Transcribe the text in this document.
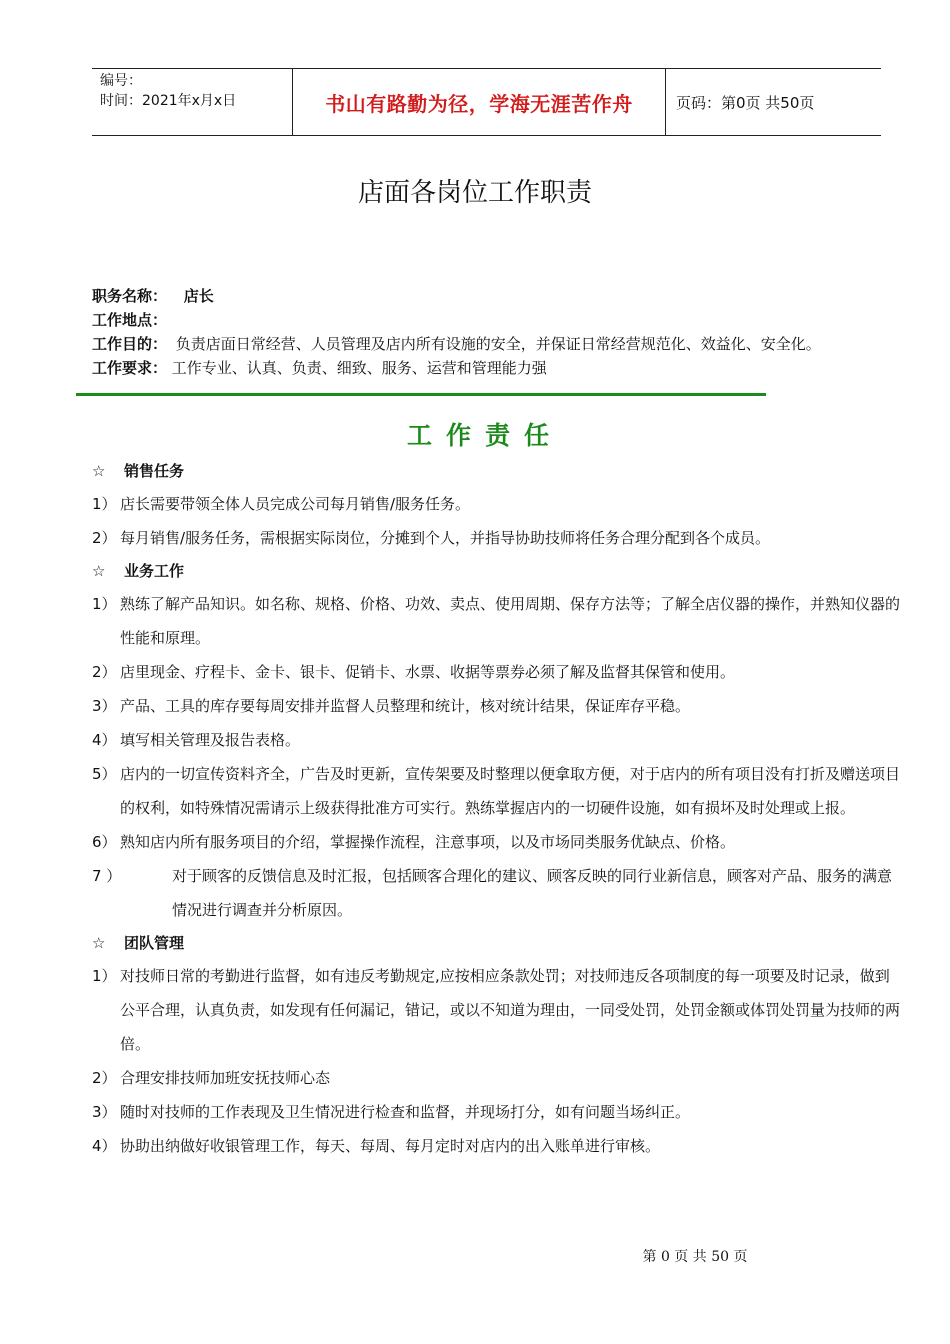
编号：
时间：2021年x月x日	书山有路勤为径，学海无涯苦作舟	页码：第0页 共50页
店面各岗位工作职责
职务名称： 店长
工作地点：
工作目的： 负责店面日常经营、人员管理及店内所有设施的安全，并保证日常经营规范化、效益化、安全化。
工作要求： 工作专业、认真、负责、细致、服务、运营和管理能力强
工作责任
☆ 销售任务
1） 店长需要带领全体人员完成公司每月销售/服务任务。
2） 每月销售/服务任务，需根据实际岗位，分摊到个人，并指导协助技师将任务合理分配到各个成员。
☆ 业务工作
1） 熟练了解产品知识。如名称、规格、价格、功效、卖点、使用周期、保存方法等；了解全店仪器的操作，并熟知仪器的性能和原理。
2） 店里现金、疗程卡、金卡、银卡、促销卡、水票、收据等票券必须了解及监督其保管和使用。
3） 产品、工具的库存要每周安排并监督人员整理和统计，核对统计结果，保证库存平稳。
4） 填写相关管理及报告表格。
5） 店内的一切宣传资料齐全，广告及时更新，宣传架要及时整理以便拿取方便，对于店内的所有项目没有打折及赠送项目的权利，如特殊情况需请示上级获得批准方可实行。熟练掌握店内的一切硬件设施，如有损坏及时处理或上报。
6） 熟知店内所有服务项目的介绍，掌握操作流程，注意事项，以及市场同类服务优缺点、价格。
7 ）	对于顾客的反馈信息及时汇报，包括顾客合理化的建议、顾客反映的同行业新信息，顾客对产品、服务的满意情况进行调查并分析原因。
☆ 团队管理
1） 对技师日常的考勤进行监督，如有违反考勤规定,应按相应条款处罚；对技师违反各项制度的每一项要及时记录，做到公平合理，认真负责，如发现有任何漏记，错记，或以不知道为理由，一同受处罚，处罚金额或体罚处罚量为技师的两倍。
2） 合理安排技师加班安抚技师心态
3） 随时对技师的工作表现及卫生情况进行检查和监督，并现场打分，如有问题当场纠正。
4） 协助出纳做好收银管理工作，每天、每周、每月定时对店内的出入账单进行审核。
第 0 页 共 50 页
